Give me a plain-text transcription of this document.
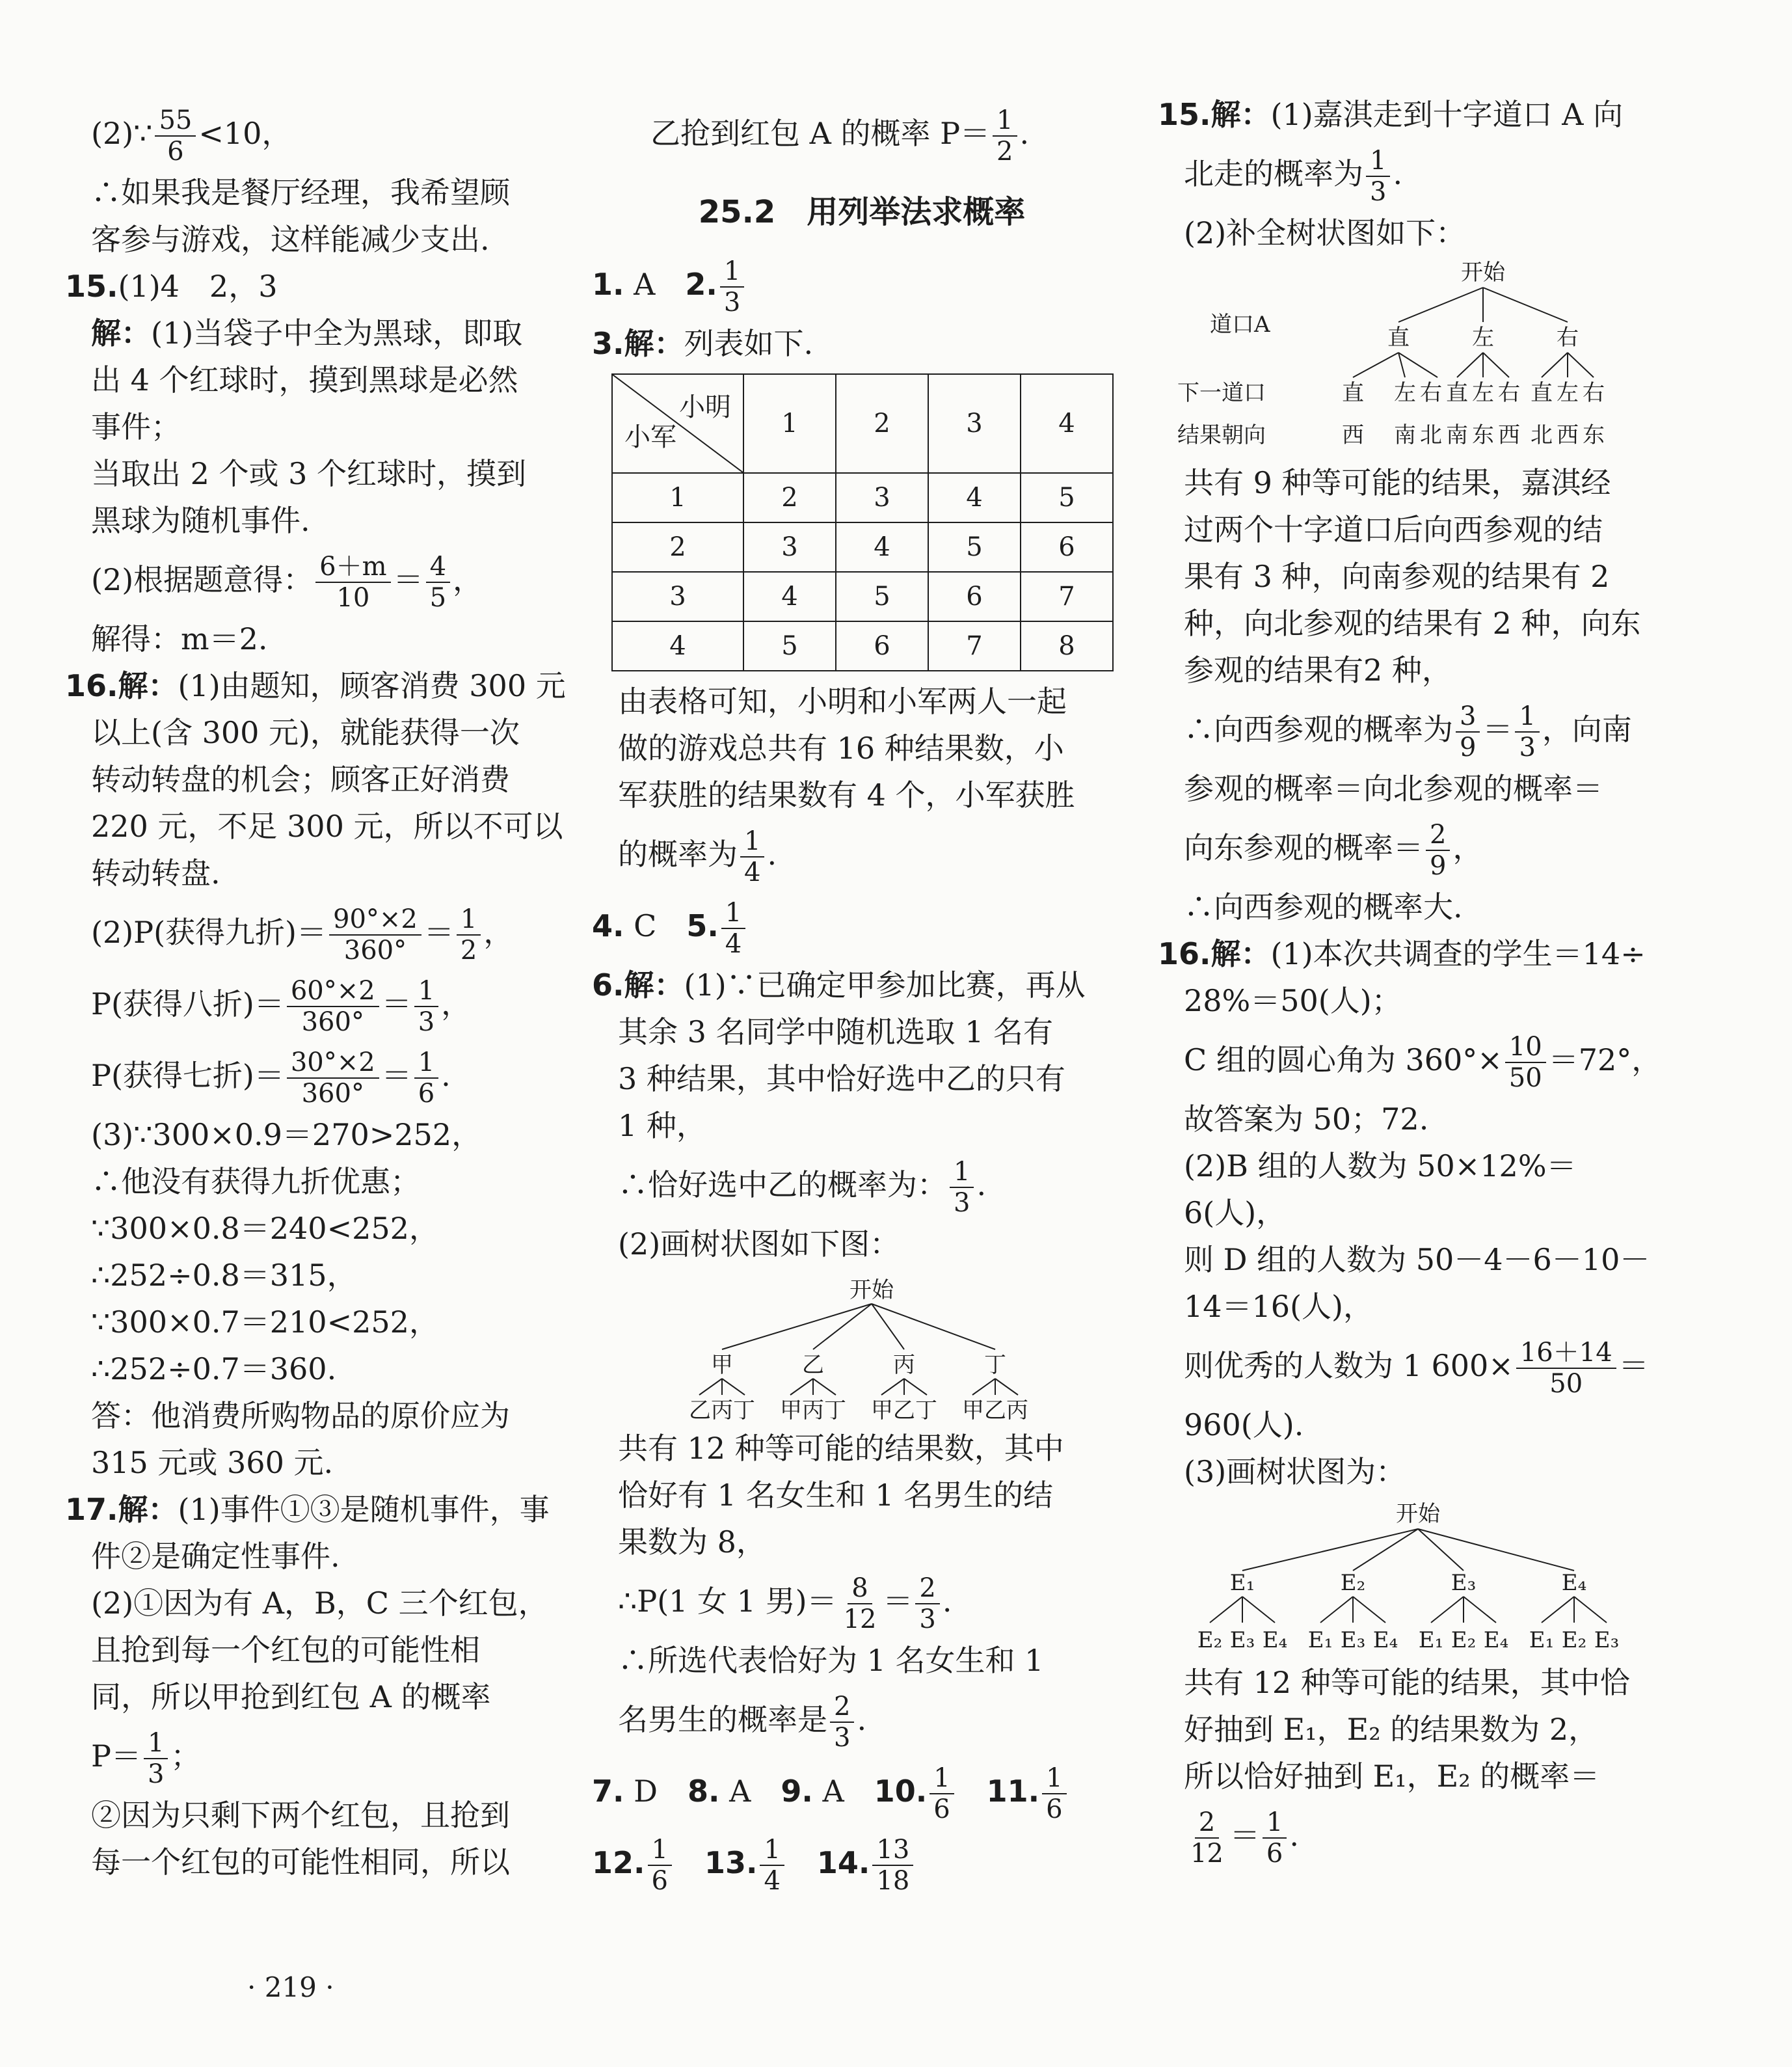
(2)∵ $\frac{55}{6} <10$，

∴如果我是餐厅经理，我希望顾

客参与游戏，这样能减少支出.

15.(1)4　2，3

解：(1)当袋子中全为黑球，即取

出 4 个红球时，摸到黑球是必然

事件；

当取出 2 个或 3 个红球时，摸到

黑球为随机事件.

(2)根据题意得： $\frac{6+m}{10} = \frac{4}{5}$ ，

解得：m＝2.

16.解：(1)由题知，顾客消费 300 元

以上(含 300 元)，就能获得一次

转动转盘的机会；顾客正好消费

220 元，不足 300 元，所以不可以

转动转盘.

(2)P(获得九折)＝ $\frac{90^\circ\times 2}{360^\circ} = \frac{1}{2}$ ，

P(获得八折)＝ $\frac{60^\circ\times 2}{360^\circ} = \frac{1}{3}$ ，

P(获得七折)＝ $\frac{30^\circ\times 2}{360^\circ} = \frac{1}{6}$ .

(3)∵300×0.9＝270>252，

∴他没有获得九折优惠；

∵300×0.8＝240<252，

∴252÷0.8＝315，

∵300×0.7＝210<252，

∴252÷0.7＝360.

答：他消费所购物品的原价应为

315 元或 360 元.

17.解：(1)事件①③是随机事件，事

件②是确定性事件.

(2)①因为有 A，B，C 三个红包，

且抢到每一个红包的可能性相

同，所以甲抢到红包 A 的概率

$P= \frac{1}{3}$ ；

②因为只剩下两个红包，且抢到

每一个红包的可能性相同，所以

乙抢到红包 A 的概率 $P= \frac{1}{2}$ .

25.2　用列举法求概率

1. A　 2. $\frac{1}{3}$

3.解：列表如下.

小明
小军	1	2	3	4
1	2	3	4	5
2	3	4	5	6
3	4	5	6	7
4	5	6	7	8

由表格可知，小明和小军两人一起

做的游戏总共有 16 种结果数，小

军获胜的结果数有 4 个，小军获胜

的概率为 $\frac{1}{4}$ .

4. C　 5. $\frac{1}{4}$

6.解：(1)∵已确定甲参加比赛，再从

其余 3 名同学中随机选取 1 名有

3 种结果，其中恰好选中乙的只有

1 种，

∴恰好选中乙的概率为： $\frac{1}{3}$ .

(2)画树状图如下图：

开始
甲	乙	丙	丁
乙丙丁 甲丙丁 甲乙丁 甲乙丙

共有 12 种等可能的结果数，其中

恰好有 1 名女生和 1 名男生的结

果数为 8，

∴P(1 女 1 男)＝ $\frac{8}{12} = \frac{2}{3}$ .

∴所选代表恰好为 1 名女生和 1

名男生的概率是 $\frac{2}{3}$ .

7. D　 8. A　 9. A　 10. $\frac{1}{6}$
　 11. $\frac{1}{6}$

12. $\frac{1}{6}$
　 13. $\frac{1}{4}$
　 14. $\frac{13}{18}$

15.解：(1)嘉淇走到十字道口 A 向

北走的概率为 $\frac{1}{3}$ .

(2)补全树状图如下：

开始
道口A	直	左	右
下一道口	直 左 右 直 左 右 直 左 右
结果朝向	西 南 北 南 东 西 北 西 东

共有 9 种等可能的结果，嘉淇经

过两个十字道口后向西参观的结

果有 3 种，向南参观的结果有 2

种，向北参观的结果有 2 种，向东

参观的结果有2 种，

∴向西参观的概率为 $\frac{3}{9} = \frac{1}{3}$ ，向南

参观的概率＝向北参观的概率＝

向东参观的概率＝ $\frac{2}{9}$ ，

∴向西参观的概率大.

16.解：(1)本次共调查的学生＝14÷

28%＝50(人)；

C 组的圆心角为 $360^\circ\times \frac{10}{50} =72^\circ$，

故答案为 50；72.

(2)B 组的人数为 50×12%＝

6(人)，

则 D 组的人数为 50－4－6－10－

14＝16(人)，

则优秀的人数为 1 $600\times \frac{16+14}{50}$ ＝

960(人).

(3)画树状图为：

开始
E₁	E₂	E₃	E₄
E₂ E₃ E₄ E₁ E₃ E₄ E₁ E₂ E₄ E₁ E₂ E₃

共有 12 种等可能的结果，其中恰

好抽到 E₁，E₂ 的结果数为 2，

所以恰好抽到 E₁，E₂ 的概率＝

$\frac{2}{12} = \frac{1}{6}$ .

· 219 ·
